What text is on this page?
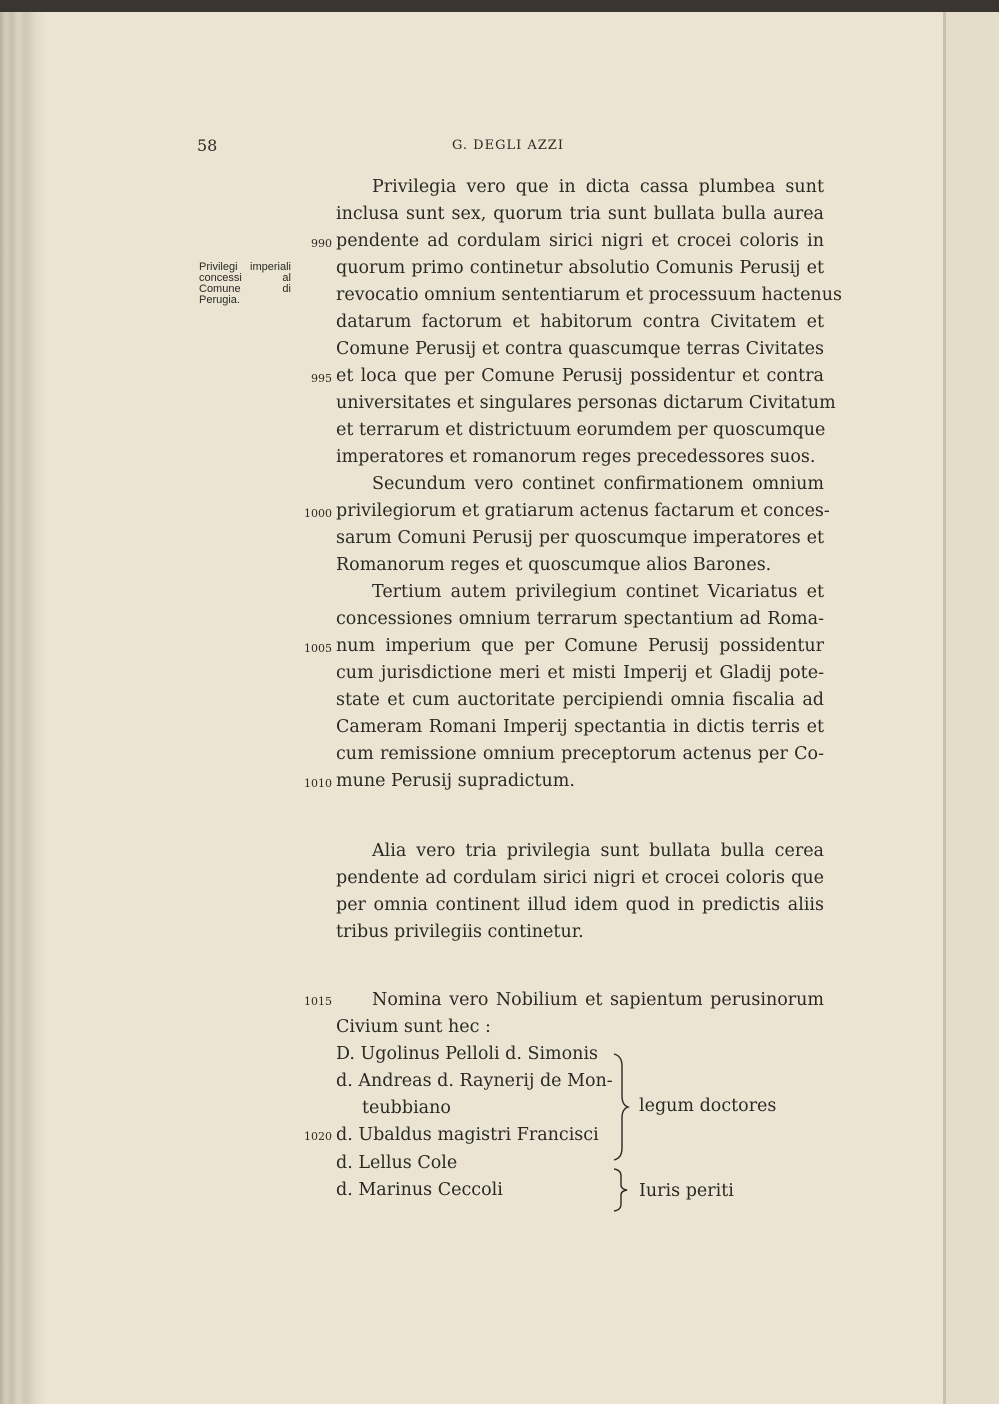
58	G. DEGLI AZZI
Privilegi imperiali concessi al Comune di Perugia.
Privilegia vero que in dicta cassa plumbea sunt
inclusa sunt sex, quorum tria sunt bullata bulla aurea
pendente ad cordulam sirici nigri et crocei coloris in
quorum primo continetur absolutio Comunis Perusij et
revocatio omnium sententiarum et processuum hactenus
datarum factorum et habitorum contra Civitatem et
Comune Perusij et contra quascumque terras Civitates
et loca que per Comune Perusij possidentur et contra
universitates et singulares personas dictarum Civitatum
et terrarum et districtuum eorumdem per quoscumque
imperatores et romanorum reges precedessores suos.
Secundum vero continet confirmationem omnium
privilegiorum et gratiarum actenus factarum et conces-
sarum Comuni Perusij per quoscumque imperatores et
Romanorum reges et quoscumque alios Barones.
Tertium autem privilegium continet Vicariatus et
concessiones omnium terrarum spectantium ad Roma-
num imperium que per Comune Perusij possidentur
cum jurisdictione meri et misti Imperij et Gladij pote-
state et cum auctoritate percipiendi omnia fiscalia ad
Cameram Romani Imperij spectantia in dictis terris et
cum remissione omnium preceptorum actenus per Co-
mune Perusij supradictum.
Alia vero tria privilegia sunt bullata bulla cerea
pendente ad cordulam sirici nigri et crocei coloris que
per omnia continent illud idem quod in predictis aliis
tribus privilegiis continetur.
Nomina vero Nobilium et sapientum perusinorum
Civium sunt hec :
990
995
1000
1005
1010
1015
1020
D. Ugolinus Pelloli d. Simonis
d. Andreas d. Raynerij de Mon-
teubbiano
d. Ubaldus magistri Francisci
d. Lellus Cole
d. Marinus Ceccoli
legum doctores
Iuris periti
